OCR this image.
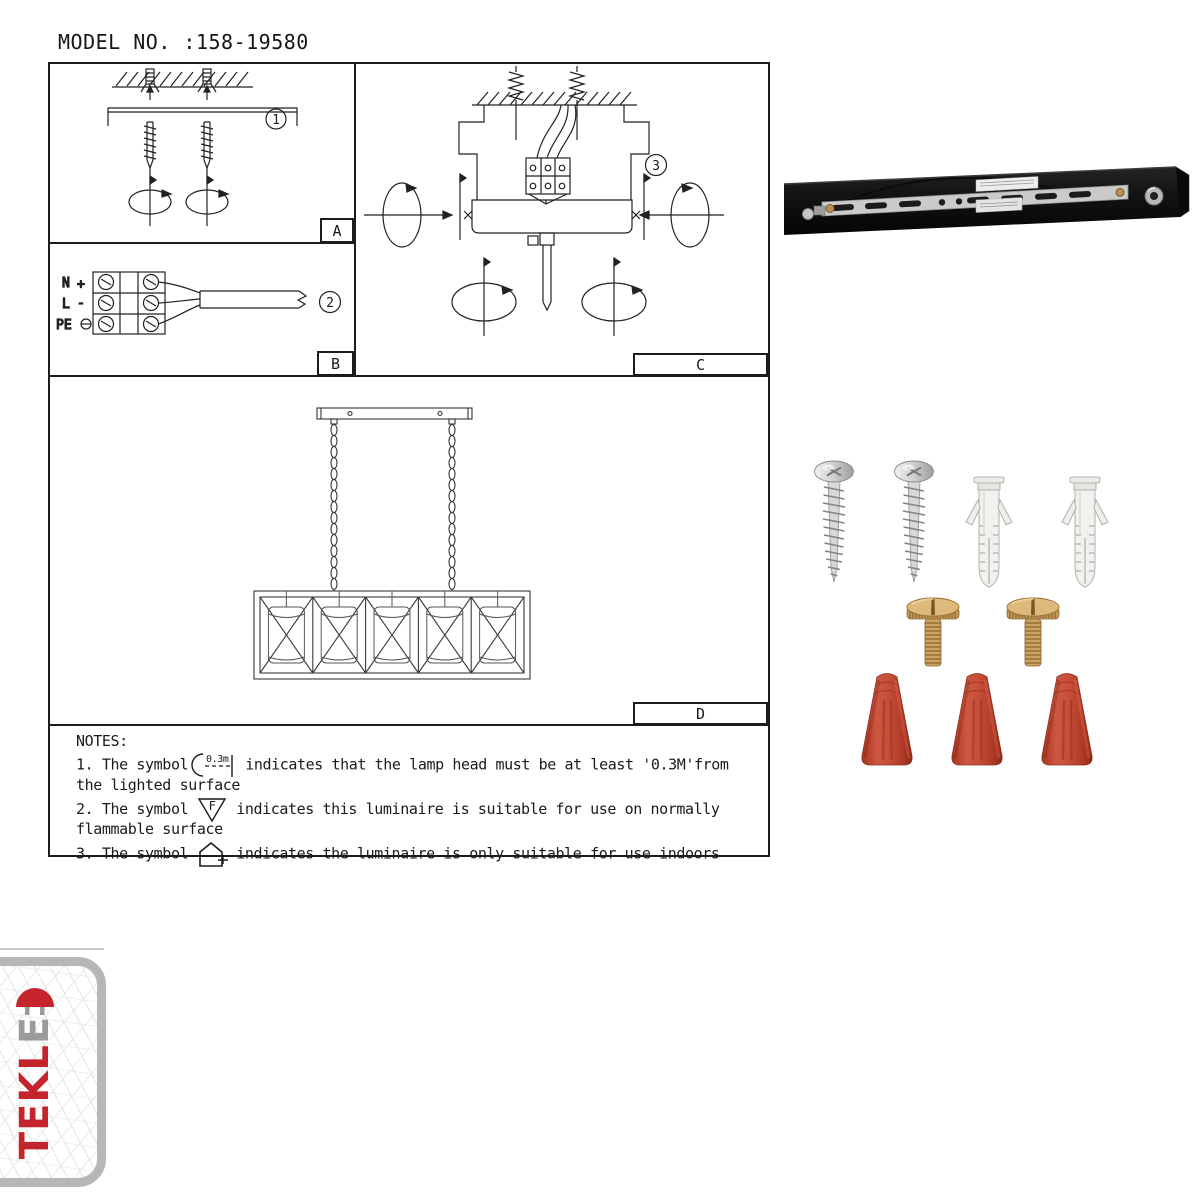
MODEL NO. :158-19580
1
N +
L -
PE
2
3
A
B	C
D
NOTES:
1. The symbol 0.3m indicates that the lamp head must be at least '0.3M'from
the lighted surface
2. The symbol F indicates this luminaire is suitable for use on normally
flammable surface
3. The symbol	indicates the luminaire is only suitable for use indoors
TEK
L
E
